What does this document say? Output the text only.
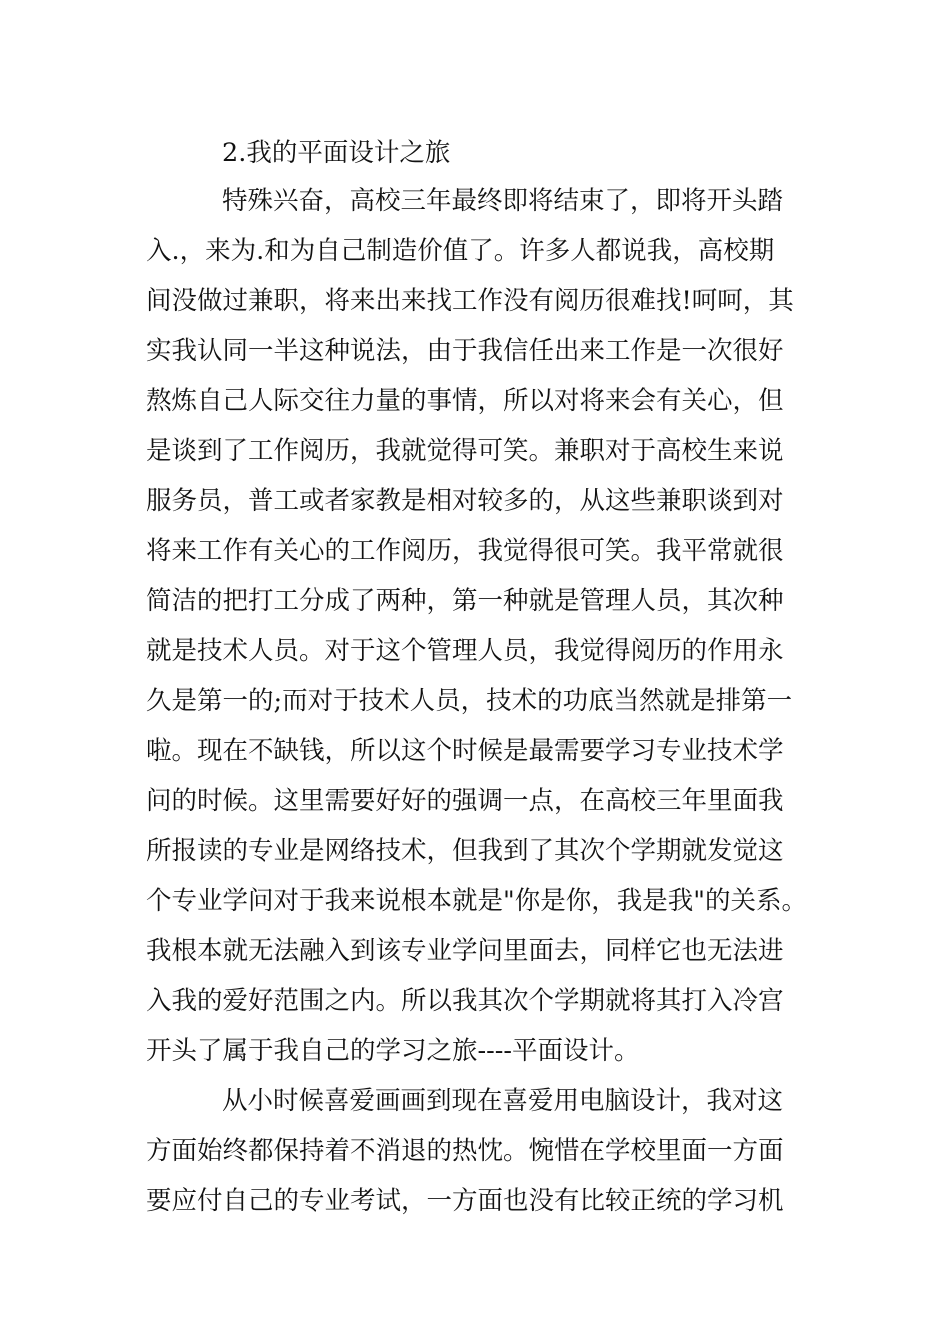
2.我的平面设计之旅

特殊兴奋，高校三年最终即将结束了，即将开头踏

入.，来为.和为自己制造价值了。许多人都说我，高校期

间没做过兼职，将来出来找工作没有阅历很难找!呵呵，其

实我认同一半这种说法，由于我信任出来工作是一次很好

熬炼自己人际交往力量的事情，所以对将来会有关心，但

是谈到了工作阅历，我就觉得可笑。兼职对于高校生来说

服务员，普工或者家教是相对较多的，从这些兼职谈到对

将来工作有关心的工作阅历，我觉得很可笑。我平常就很

简洁的把打工分成了两种，第一种就是管理人员，其次种

就是技术人员。对于这个管理人员，我觉得阅历的作用永

久是第一的;而对于技术人员，技术的功底当然就是排第一

啦。现在不缺钱，所以这个时候是最需要学习专业技术学

问的时候。这里需要好好的强调一点，在高校三年里面我

所报读的专业是网络技术，但我到了其次个学期就发觉这

个专业学问对于我来说根本就是"你是你，我是我"的关系。

我根本就无法融入到该专业学问里面去，同样它也无法进

入我的爱好范围之内。所以我其次个学期就将其打入冷宫

开头了属于我自己的学习之旅----平面设计。

从小时候喜爱画画到现在喜爱用电脑设计，我对这

方面始终都保持着不消退的热忱。惋惜在学校里面一方面

要应付自己的专业考试，一方面也没有比较正统的学习机
